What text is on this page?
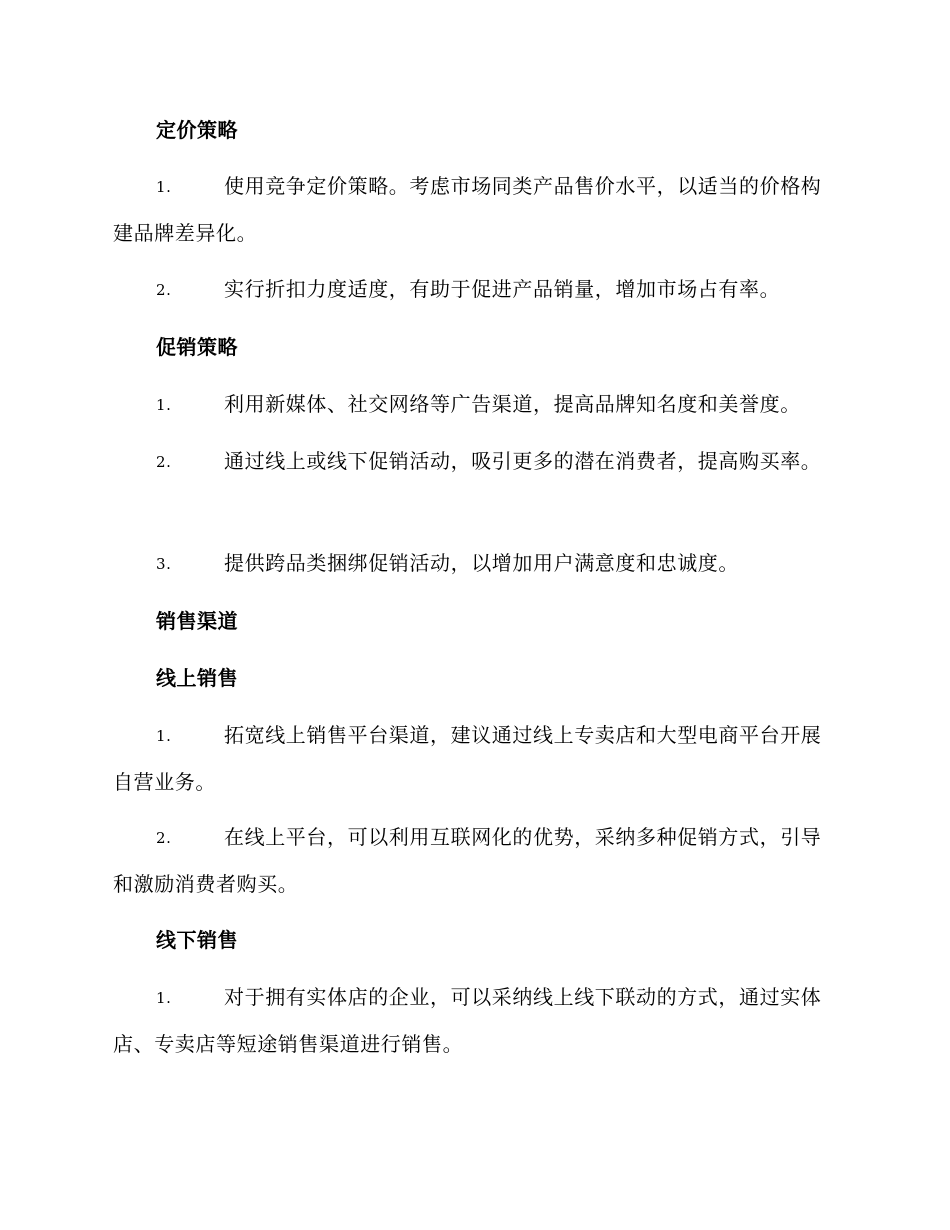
定价策略
1.	使用竞争定价策略。考虑市场同类产品售价水平，以适当的价格构建品牌差异化。
2.	实行折扣力度适度，有助于促进产品销量，增加市场占有率。
促销策略
1.	利用新媒体、社交网络等广告渠道，提高品牌知名度和美誉度。
2.	通过线上或线下促销活动，吸引更多的潜在消费者，提高购买率。
3.	提供跨品类捆绑促销活动，以增加用户满意度和忠诚度。
销售渠道
线上销售
1.	拓宽线上销售平台渠道，建议通过线上专卖店和大型电商平台开展自营业务。
2.	在线上平台，可以利用互联网化的优势，采纳多种促销方式，引导和激励消费者购买。
线下销售
1.	对于拥有实体店的企业，可以采纳线上线下联动的方式，通过实体店、专卖店等短途销售渠道进行销售。
